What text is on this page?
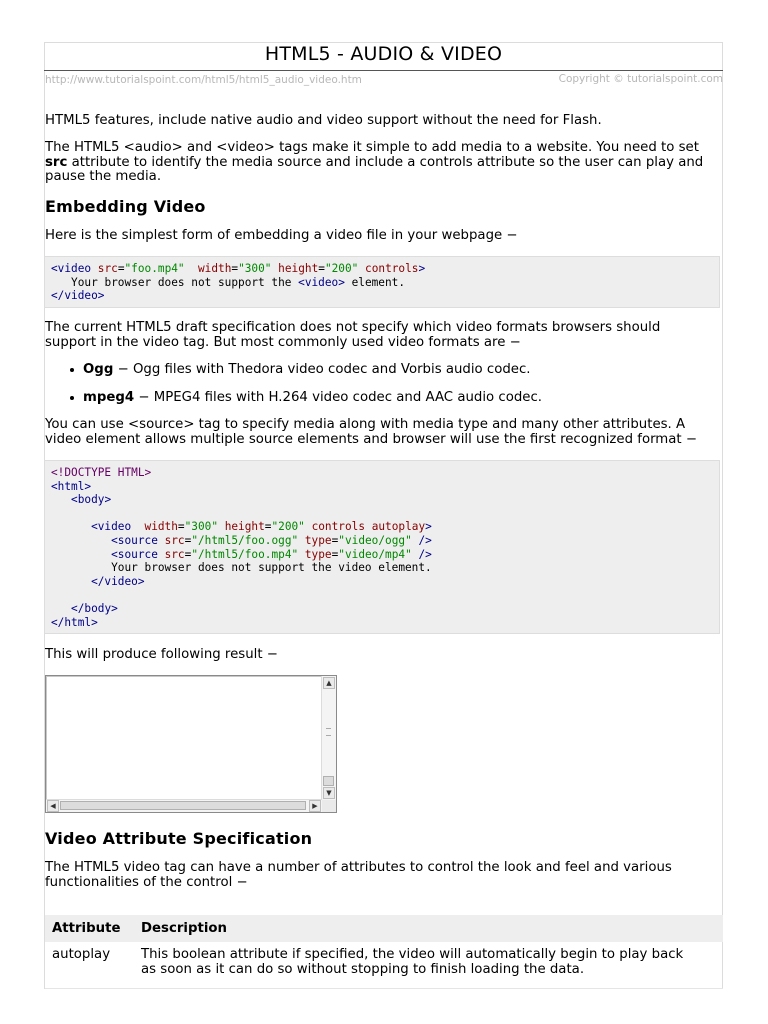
HTML5 - AUDIO & VIDEO
http://www.tutorialspoint.com/html5/html5_audio_video.htm	Copyright © tutorialspoint.com
HTML5 features, include native audio and video support without the need for Flash.
The HTML5 <audio> and <video> tags make it simple to add media to a website. You need to set
src attribute to identify the media source and include a controls attribute so the user can play and
pause the media.
Embedding Video
Here is the simplest form of embedding a video file in your webpage −
<video src="foo.mp4" width="300" height="200" controls>
Your browser does not support the <video> element.
</video>
The current HTML5 draft specification does not specify which video formats browsers should
support in the video tag. But most commonly used video formats are −
Ogg − Ogg files with Thedora video codec and Vorbis audio codec.
mpeg4 − MPEG4 files with H.264 video codec and AAC audio codec.
You can use <source> tag to specify media along with media type and many other attributes. A
video element allows multiple source elements and browser will use the first recognized format −
<!DOCTYPE HTML>
<html>
<body>

<video width="300" height="200" controls autoplay>
<source src="/html5/foo.ogg" type="video/ogg" />
<source src="/html5/foo.mp4" type="video/mp4" />
Your browser does not support the video element.
</video>

</body>
</html>
This will produce following result −
▲
▼
◀	▶
Video Attribute Specification
The HTML5 video tag can have a number of attributes to control the look and feel and various
functionalities of the control −
Attribute	Description
autoplay	This boolean attribute if specified, the video will automatically begin to play back
as soon as it can do so without stopping to finish loading the data.
